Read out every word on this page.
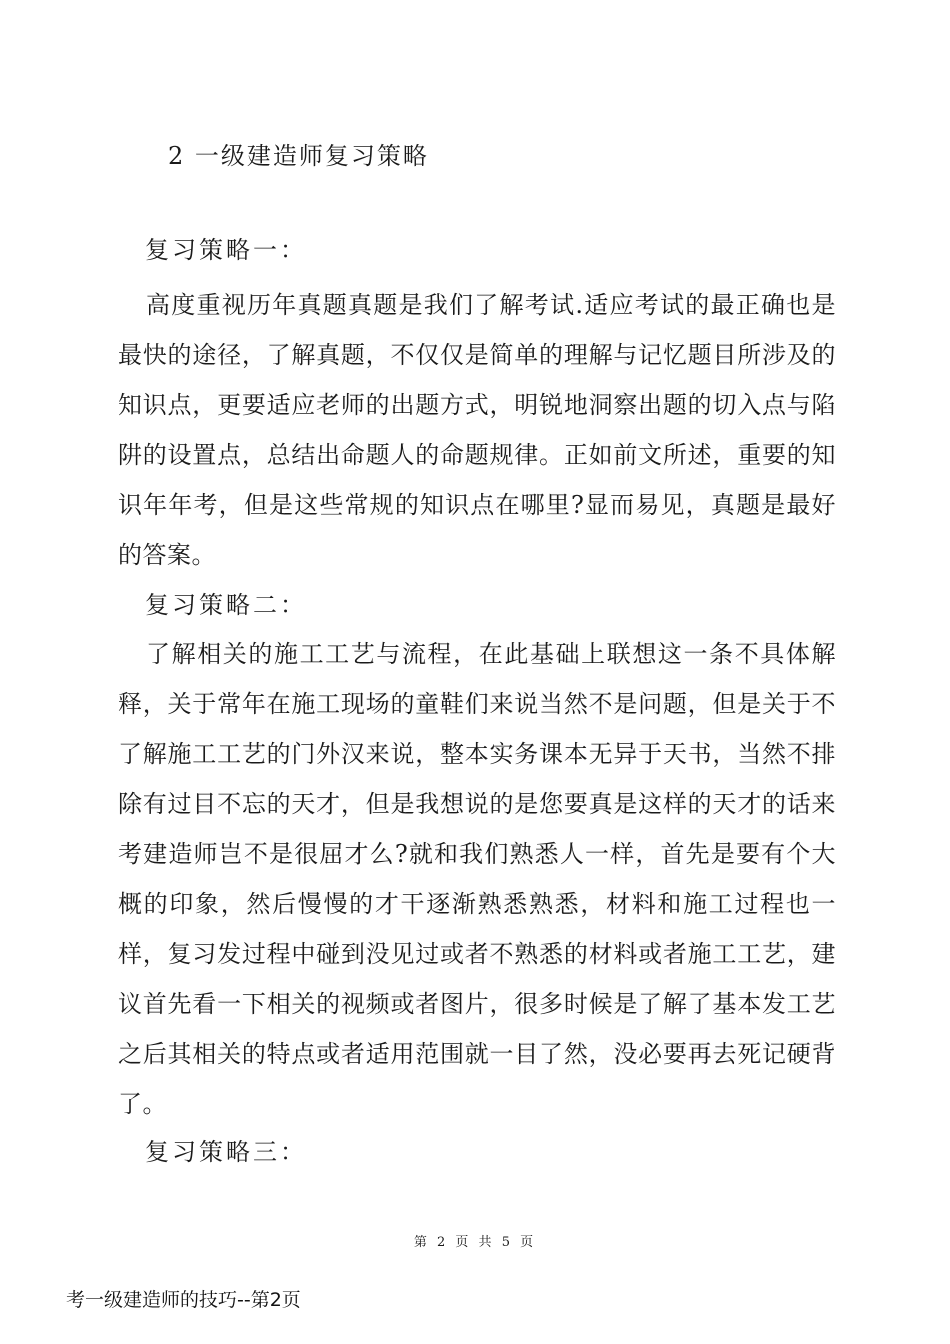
2 一级建造师复习策略
复习策略一：

高度重视历年真题真题是我们了解考试.适应考试的最正确也是最快的途径，了解真题，不仅仅是简单的理解与记忆题目所涉及的知识点，更要适应老师的出题方式，明锐地洞察出题的切入点与陷阱的设置点，总结出命题人的命题规律。正如前文所述，重要的知识年年考，但是这些常规的知识点在哪里?显而易见，真题是最好的答案。

复习策略二：

了解相关的施工工艺与流程，在此基础上联想这一条不具体解释，关于常年在施工现场的童鞋们来说当然不是问题，但是关于不了解施工工艺的门外汉来说，整本实务课本无异于天书，当然不排除有过目不忘的天才，但是我想说的是您要真是这样的天才的话来考建造师岂不是很屈才么?就和我们熟悉人一样，首先是要有个大概的印象，然后慢慢的才干逐渐熟悉熟悉，材料和施工过程也一样，复习发过程中碰到没见过或者不熟悉的材料或者施工工艺，建议首先看一下相关的视频或者图片，很多时候是了解了基本发工艺之后其相关的特点或者适用范围就一目了然，没必要再去死记硬背了。

复习策略三：
第 2 页 共 5 页
考一级建造师的技巧--第2页
